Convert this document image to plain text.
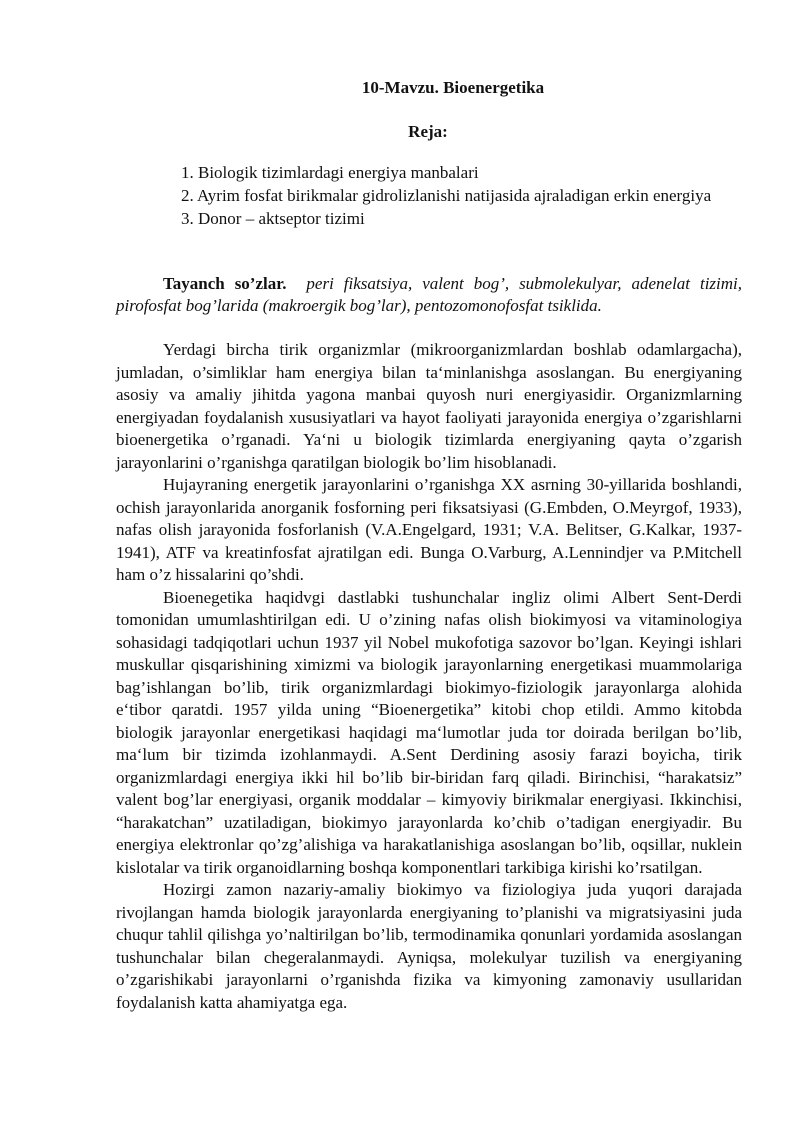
10-Mavzu. Bioenergetika
Reja:
1. Biologik tizimlardagi energiya manbalari
2. Ayrim fosfat birikmalar gidrolizlanishi natijasida ajraladigan erkin energiya
3. Donor – aktseptor tizimi

Tayanch so’zlar. peri fiksatsiya, valent bog’, submolekulyar, adenelat tizimi, pirofosfat bog’larida (makroergik bog’lar), pentozomonofosfat tsiklida.

Yerdagi bircha tirik organizmlar (mikroorganizmlardan boshlab odamlargacha), jumladan, o’simliklar ham energiya bilan ta‘minlanishga asoslangan. Bu energiyaning asosiy va amaliy jihitda yagona manbai quyosh nuri energiyasidir. Organizmlarning energiyadan foydalanish xususiyatlari va hayot faoliyati jarayonida energiya o’zgarishlarni bioenergetika o’rganadi. Ya‘ni u biologik tizimlarda energiyaning qayta o’zgarish jarayonlarini o’rganishga qaratilgan biologik bo’lim hisoblanadi.

Hujayraning energetik jarayonlarini o’rganishga XX asrning 30-yillarida boshlandi, ochish jarayonlarida anorganik fosforning peri fiksatsiyasi (G.Embden, O.Meyrgof, 1933), nafas olish jarayonida fosforlanish (V.A.Engelgard, 1931; V.A. Belitser, G.Kalkar, 1937-1941), ATF va kreatinfosfat ajratilgan edi. Bunga O.Varburg, A.Lennindjer va P.Mitchell ham o’z hissalarini qo’shdi.

Bioenegetika haqidvgi dastlabki tushunchalar ingliz olimi Albert Sent-Derdi tomonidan umumlashtirilgan edi. U o’zining nafas olish biokimyosi va vitaminologiya sohasidagi tadqiqotlari uchun 1937 yil Nobel mukofotiga sazovor bo’lgan. Keyingi ishlari muskullar qisqarishining ximizmi va biologik jarayonlarning energetikasi muammolariga bag’ishlangan bo’lib, tirik organizmlardagi biokimyo-fiziologik jarayonlarga alohida e‘tibor qaratdi. 1957 yilda uning “Bioenergetika” kitobi chop etildi. Ammo kitobda biologik jarayonlar energetikasi haqidagi ma‘lumotlar juda tor doirada berilgan bo’lib, ma‘lum bir tizimda izohlanmaydi. A.Sent Derdining asosiy farazi boyicha, tirik organizmlardagi energiya ikki hil bo’lib bir-biridan farq qiladi. Birinchisi, “harakatsiz” valent bog’lar energiyasi, organik moddalar – kimyoviy birikmalar energiyasi. Ikkinchisi, “harakatchan” uzatiladigan, biokimyo jarayonlarda ko’chib o’tadigan energiyadir. Bu energiya elektronlar qo’zg’alishiga va harakatlanishiga asoslangan bo’lib, oqsillar, nuklein kislotalar va tirik organoidlarning boshqa komponentlari tarkibiga kirishi ko’rsatilgan.

Hozirgi zamon nazariy-amaliy biokimyo va fiziologiya juda yuqori darajada rivojlangan hamda biologik jarayonlarda energiyaning to’planishi va migratsiyasini juda chuqur tahlil qilishga yo’naltirilgan bo’lib, termodinamika qonunlari yordamida asoslangan tushunchalar bilan chegeralanmaydi. Ayniqsa, molekulyar tuzilish va energiyaning o’zgarishikabi jarayonlarni o’rganishda fizika va kimyoning zamonaviy usullaridan foydalanish katta ahamiyatga ega.
